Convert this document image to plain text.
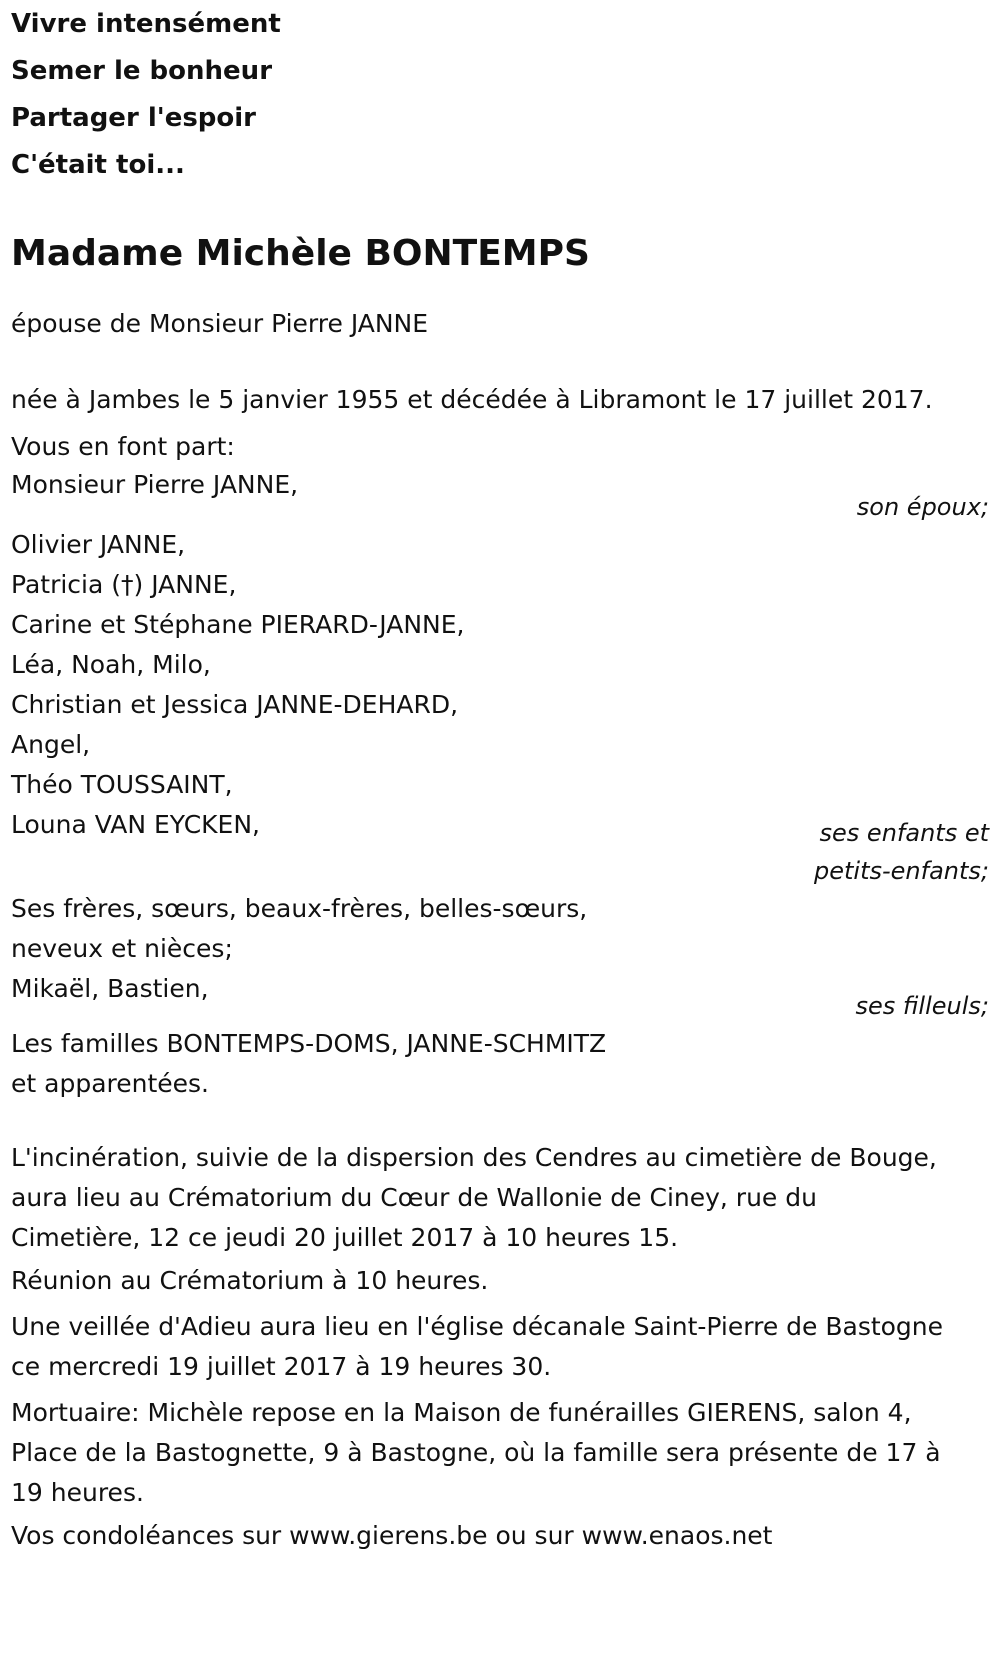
Vivre intensément
Semer le bonheur
Partager l'espoir
C'était toi...
Madame Michèle BONTEMPS
épouse de Monsieur Pierre JANNE
née à Jambes le 5 janvier 1955 et décédée à Libramont le 17 juillet 2017.
Vous en font part:
Monsieur Pierre JANNE,
son époux;
Olivier JANNE,
Patricia (†) JANNE,
Carine et Stéphane PIERARD-JANNE,
Léa, Noah, Milo,
Christian et Jessica JANNE-DEHARD,
Angel,
Théo TOUSSAINT,
Louna VAN EYCKEN,	ses enfants et
petits-enfants;
Ses frères, sœurs, beaux-frères, belles-sœurs,
neveux et nièces;
Mikaël, Bastien,
ses filleuls;
Les familles BONTEMPS-DOMS, JANNE-SCHMITZ
et apparentées.
L'incinération, suivie de la dispersion des Cendres au cimetière de Bouge,
aura lieu au Crématorium du Cœur de Wallonie de Ciney, rue du
Cimetière, 12 ce jeudi 20 juillet 2017 à 10 heures 15.
Réunion au Crématorium à 10 heures.
Une veillée d'Adieu aura lieu en l'église décanale Saint-Pierre de Bastogne
ce mercredi 19 juillet 2017 à 19 heures 30.
Mortuaire: Michèle repose en la Maison de funérailles GIERENS, salon 4,
Place de la Bastognette, 9 à Bastogne, où la famille sera présente de 17 à
19 heures.
Vos condoléances sur www.gierens.be ou sur www.enaos.net
